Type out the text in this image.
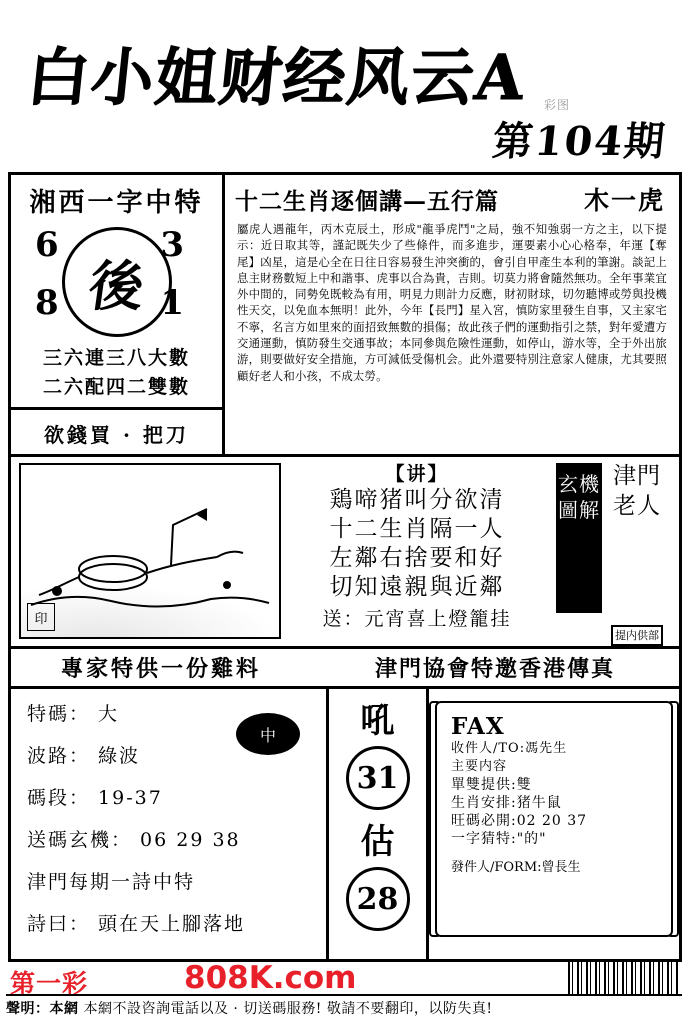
白小姐财经风云A 彩图
第104期
湘西一字中特
6	3
8	1
後
三六連三八大數
二六配四二雙數
欲錢買 · 把刀
十二生肖逐個講—五行篇	木一虎
屬虎人遇龍年，丙木克辰土，形成"龍爭虎鬥"之局，強不知強弱一方之主，以下提示：近日取其等，謹記既失少了些條件，而多進步，運要素小心心格奉，年運【奪尾】凶星，這是心全在日往日容易發生沖突衝的，會引自甲產生本利的筆謝。談記上息主財務數短上中和諧事、虎事以合為貴，吉則。切莫力將會隨然無功。全年事業宜外中間的，同勢免既較為有用，明見力則計力反應，財初財球，切勿聽博或勞與投機性天交，以免血本無明！此外，今年【長門】星入宮，慎防家里發生自事，又主家宅不寧，名言方如里來的面招致無數的損傷；故此孩子們的運動指引之禁，對年愛遭方交通運動，慎防發生交通事故；本同參與危險性運動，如停山，游水等，全于外出旅游，則要做好安全措施，方可減低受傷机会。此外還要特別注意家人健康，尤其要照顧好老人和小孩，不成太勞。
印
【讲】
鶏啼猪叫分欲清
十二生肖隔一人
左鄰右捨要和好
切知遠親與近鄰
送：元宵喜上燈籠挂
玄機圖解
津門老人
提内供部
專家特供一份雞料	津門協會特邀香港傳真
特碼： 大
波路： 綠波
碼段： 19-37
送碼玄機： 06 29 38
津門每期一詩中特
詩曰： 頭在天上腳落地
中	吼
31
估
28
FAX
收件人/TO:馮先生
主要内容
單雙提供:雙
生肖安排:猪牛鼠
旺碼必開:02 20 37
一字猜特:"的"
發件人/FORM:曾長生
第一彩	808K.com
聲明：本網 本網不設咨詢電話以及 · 切送碼服務! 敬請不要翻印，以防失真!
